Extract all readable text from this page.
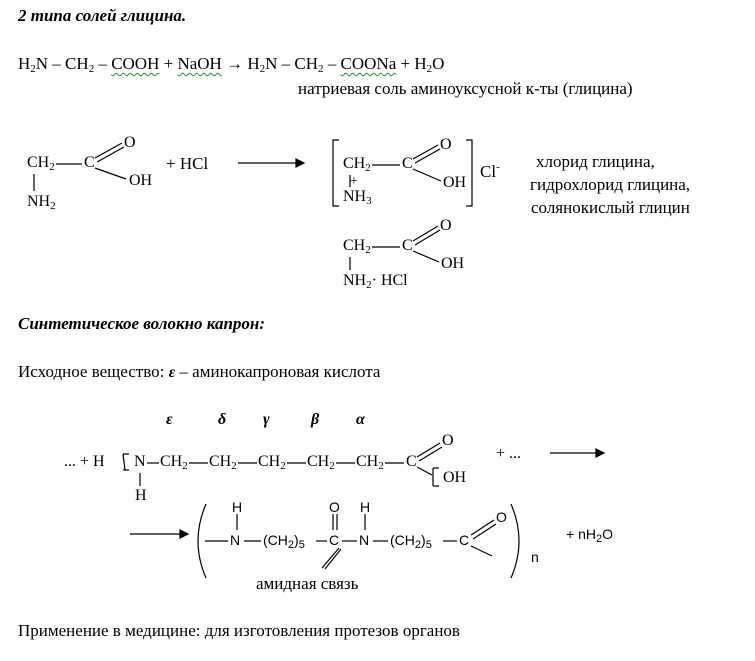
2 типа солей глицина.
$H_2N - CH_2$ – COOH + NaOH → $H_2N - CH_2$ – COONa + $H_2O$
натриевая соль аминоуксусной к-ты (глицина)
$CH_2$ C
O
OH
$NH_2$
+ HCl	$CH_2$ C
O
OH
+
$NH_3$
Cl- хлорид глицина,
гидрохлорид глицина,
солянокислый глицин
$CH_2$ C
O
OH
$NH_2\cdot$ HCl
Синтетическое волокно капрон:
Исходное вещество: ε – аминокапроновая кислота
ε	δ γ	β α
... + H N $CH_2$ $CH_2$ $CH_2$ $CH_2$ $CH_2$ C
O
OH
H
+ ...
H
N $(CH_2)_5$ C
O H
N $(CH_2)_5$ C
O
n
+ $nH_2O$
амидная связь
Применение в медицине: для изготовления протезов органов
